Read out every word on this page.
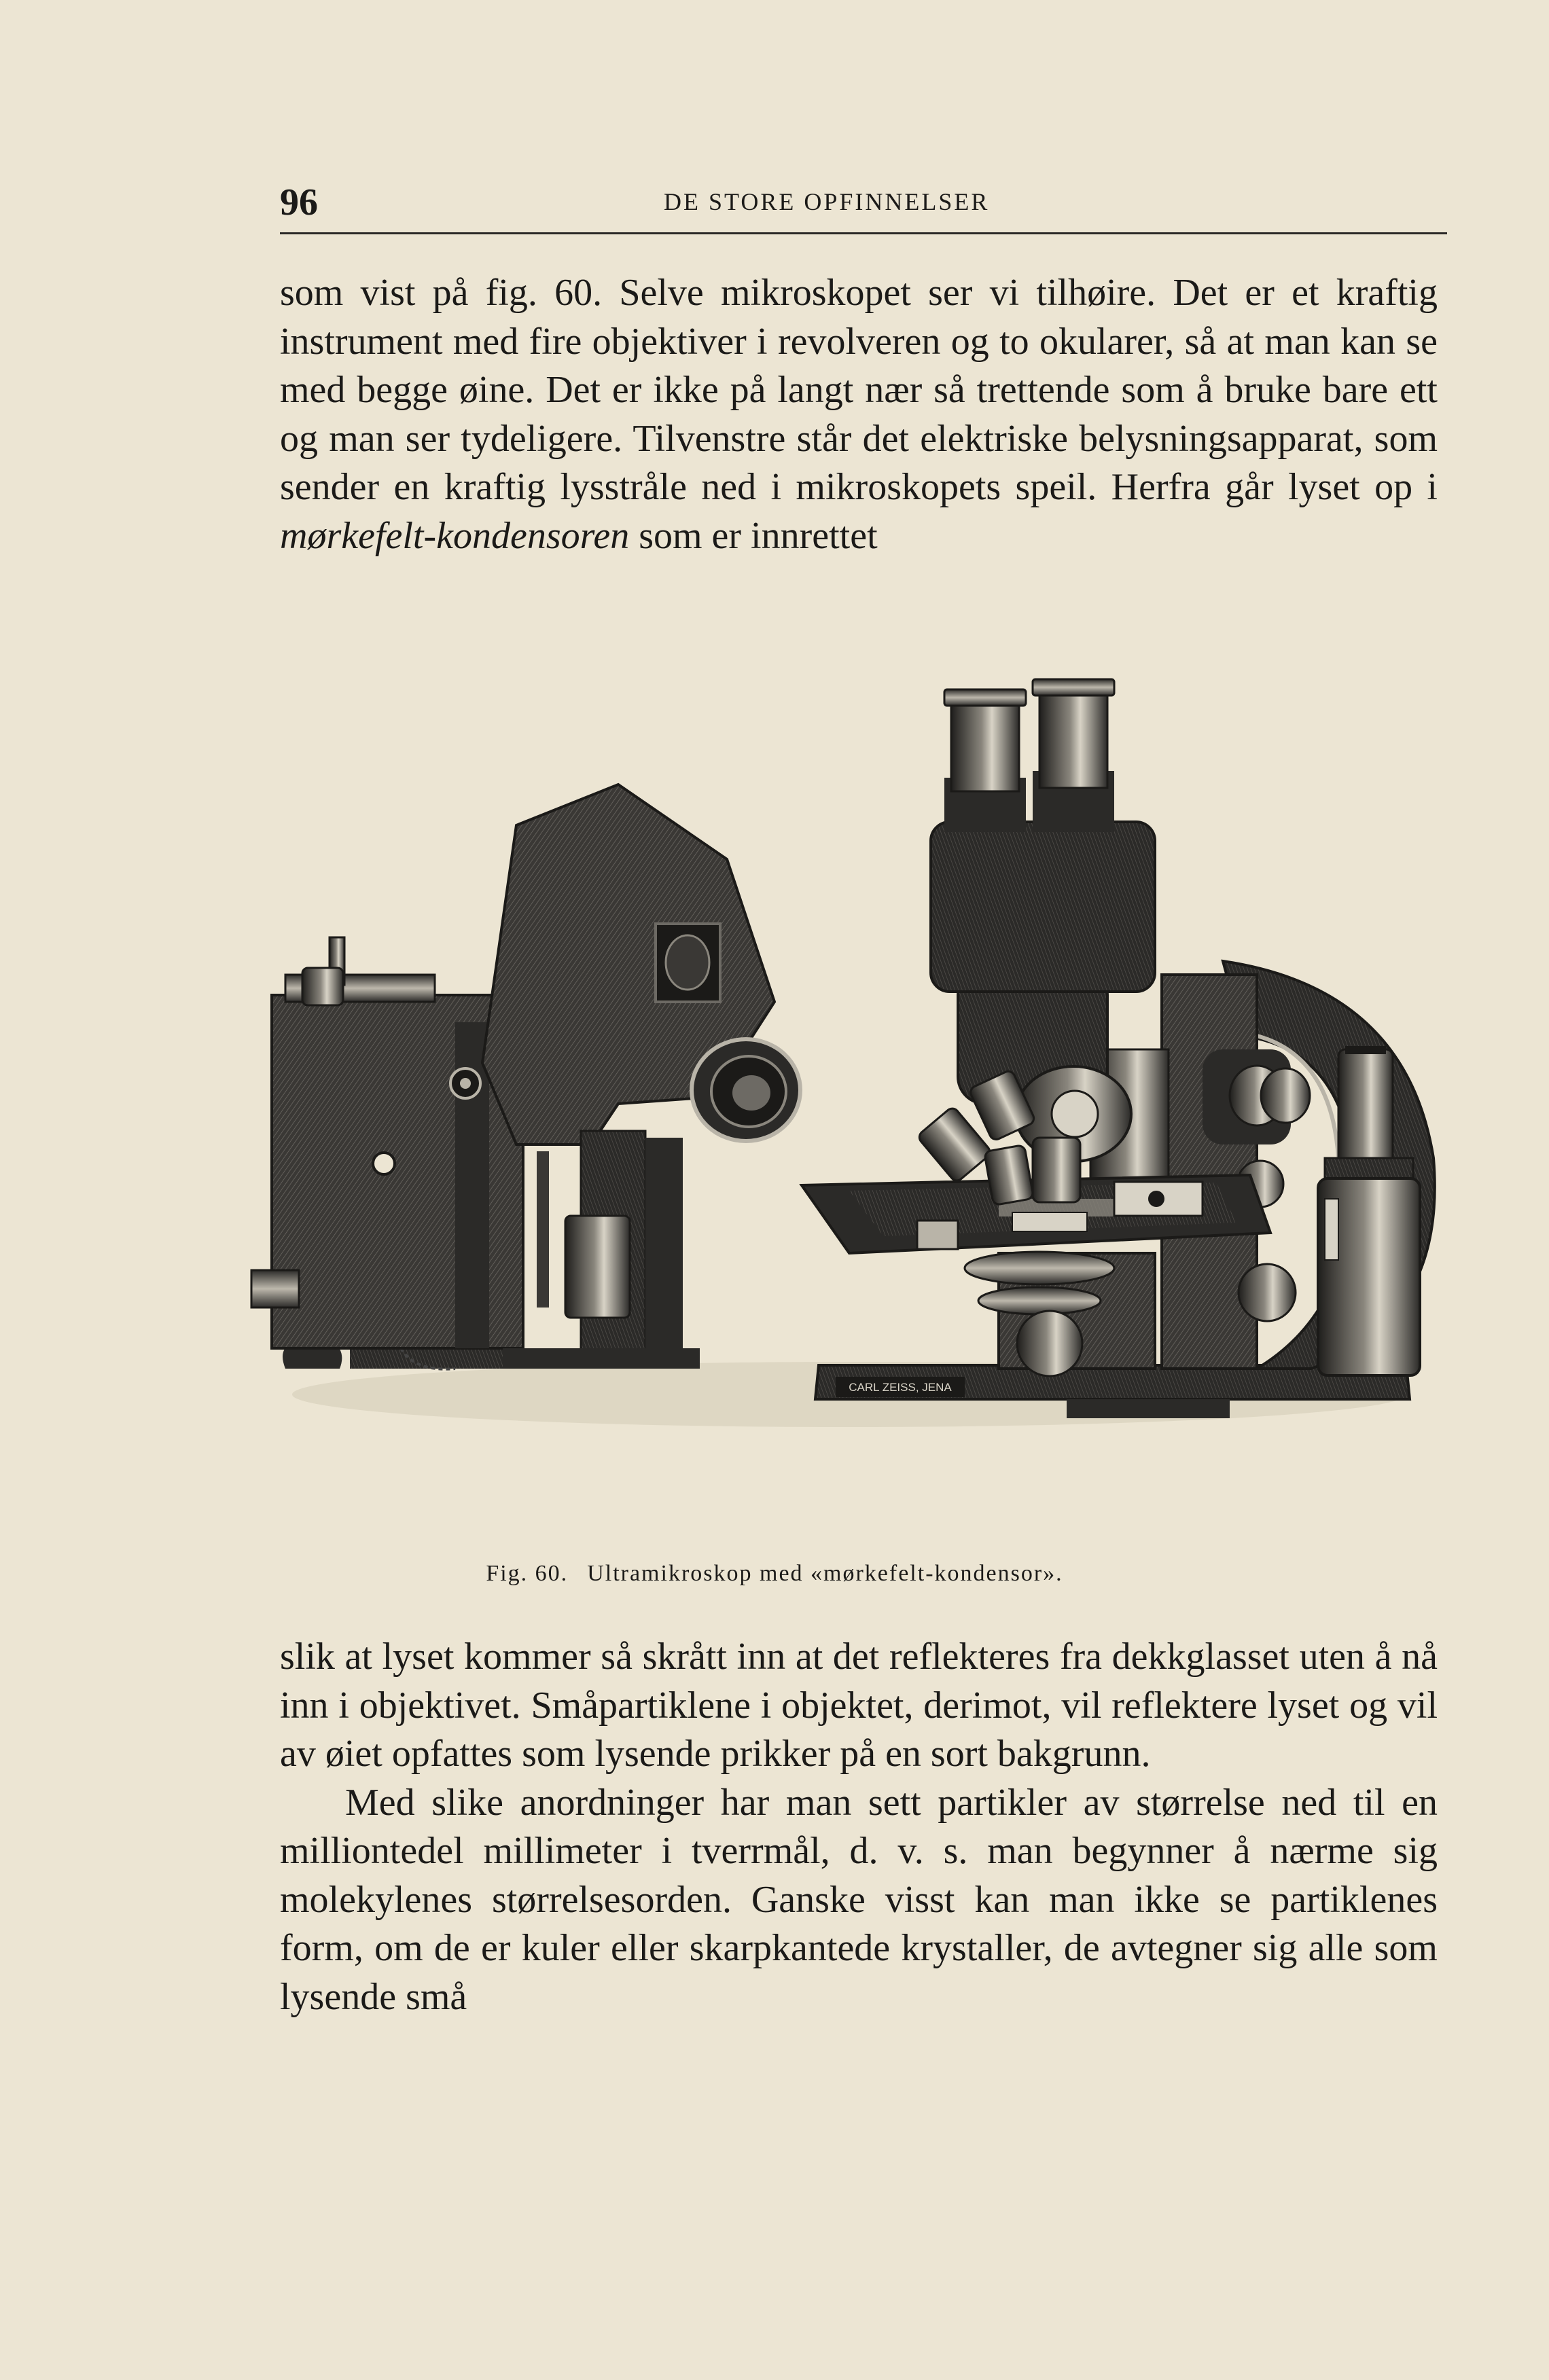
96	DE STORE OPFINNELSER

som vist på fig. 60. Selve mikroskopet ser vi tilhøire. Det er et kraftig instrument med fire objektiver i revolveren og to okularer, så at man kan se med begge øine. Det er ikke på langt nær så trettende som å bruke bare ett og man ser tydeligere. Tilvenstre står det elektriske belysningsapparat, som sender en kraftig lysstråle ned i mikroskopets speil. Herfra går lyset op i mørkefelt-kondensoren som er innrettet

CARL ZEISS, JENA
Fig. 60. Ultramikroskop med «mørkefelt-kondensor».

slik at lyset kommer så skrått inn at det reflekteres fra dekkglasset uten å nå inn i objektivet. Småpartiklene i objektet, derimot, vil reflektere lyset og vil av øiet opfattes som lysende prikker på en sort bakgrunn.

Med slike anordninger har man sett partikler av størrelse ned til en milliontedel millimeter i tverrmål, d. v. s. man begynner å nærme sig molekylenes størrelsesorden. Ganske visst kan man ikke se partiklenes form, om de er kuler eller skarpkantede krystaller, de avtegner sig alle som lysende små
